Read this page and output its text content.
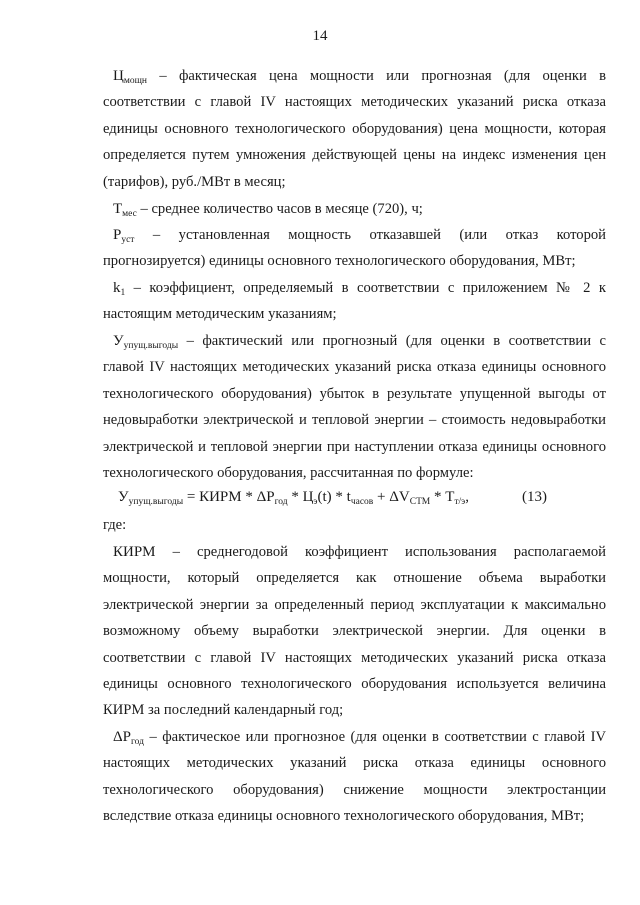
14

$Ц_{мощн}$ – фактическая цена мощности или прогнозная (для оценки в соответствии с главой IV настоящих методических указаний риска отказа единицы основного технологического оборудования) цена мощности, которая определяется путем умножения действующей цены на индекс изменения цен (тарифов), руб./МВт в месяц;

$Т_{мес}$ – среднее количество часов в месяце (720), ч;

$Р_{уст}$ – установленная мощность отказавшей (или отказ которой прогнозируется) единицы основного технологического оборудования, МВт;

$k_1$ – коэффициент, определяемый в соответствии с приложением № 2 к настоящим методическим указаниям;

$У_{упущ.выгоды}$ – фактический или прогнозный (для оценки в соответствии с главой IV настоящих методических указаний риска отказа единицы основного технологического оборудования) убыток в результате упущенной выгоды от недовыработки электрической и тепловой энергии – стоимость недовыработки электрической и тепловой энергии при наступлении отказа единицы основного технологического оборудования, рассчитанная по формуле:

$У_{упущ.выгоды}$ = КИРМ * $\Delta Р_{год} * Ц_э(t) * t_{часов} + \Delta V_{СТМ} * Т_{т/э}$,	(13)
где:

КИРМ – среднегодовой коэффициент использования располагаемой мощности, который определяется как отношение объема выработки электрической энергии за определенный период эксплуатации к максимально возможному объему выработки электрической энергии. Для оценки в соответствии с главой IV настоящих методических указаний риска отказа единицы основного технологического оборудования используется величина КИРМ за последний календарный год;

$\Delta Р_{год}$ – фактическое или прогнозное (для оценки в соответствии с главой IV настоящих методических указаний риска отказа единицы основного технологического оборудования) снижение мощности электростанции вследствие отказа единицы основного технологического оборудования, МВт;
